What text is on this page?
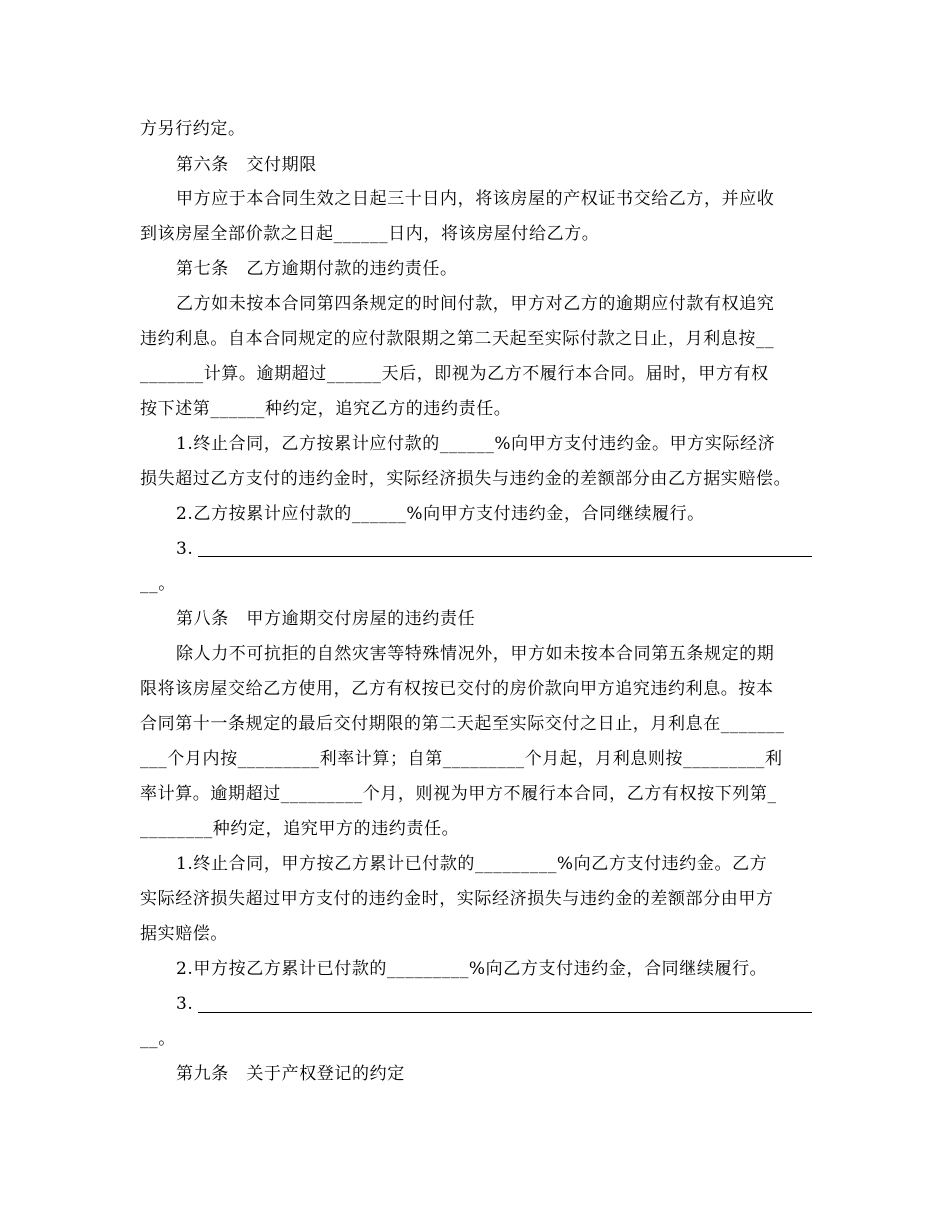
方另行约定。
第六条　交付期限
甲方应于本合同生效之日起三十日内，将该房屋的产权证书交给乙方，并应收
到该房屋全部价款之日起______日内，将该房屋付给乙方。
第七条　乙方逾期付款的违约责任。
乙方如未按本合同第四条规定的时间付款，甲方对乙方的逾期应付款有权追究
违约利息。自本合同规定的应付款限期之第二天起至实际付款之日止，月利息按__
_______计算。逾期超过______天后，即视为乙方不履行本合同。届时，甲方有权
按下述第______种约定，追究乙方的违约责任。
1.终止合同，乙方按累计应付款的______%向甲方支付违约金。甲方实际经济
损失超过乙方支付的违约金时，实际经济损失与违约金的差额部分由乙方据实赔偿。
2.乙方按累计应付款的______%向甲方支付违约金，合同继续履行。
3.
__。
第八条　甲方逾期交付房屋的违约责任
除人力不可抗拒的自然灾害等特殊情况外，甲方如未按本合同第五条规定的期
限将该房屋交给乙方使用，乙方有权按已交付的房价款向甲方追究违约利息。按本
合同第十一条规定的最后交付期限的第二天起至实际交付之日止，月利息在_______
___个月内按_________利率计算；自第_________个月起，月利息则按_________利
率计算。逾期超过_________个月，则视为甲方不履行本合同，乙方有权按下列第_
________种约定，追究甲方的违约责任。
1.终止合同，甲方按乙方累计已付款的_________%向乙方支付违约金。乙方
实际经济损失超过甲方支付的违约金时，实际经济损失与违约金的差额部分由甲方
据实赔偿。
2.甲方按乙方累计已付款的_________%向乙方支付违约金，合同继续履行。
3.
__。
第九条　关于产权登记的约定
